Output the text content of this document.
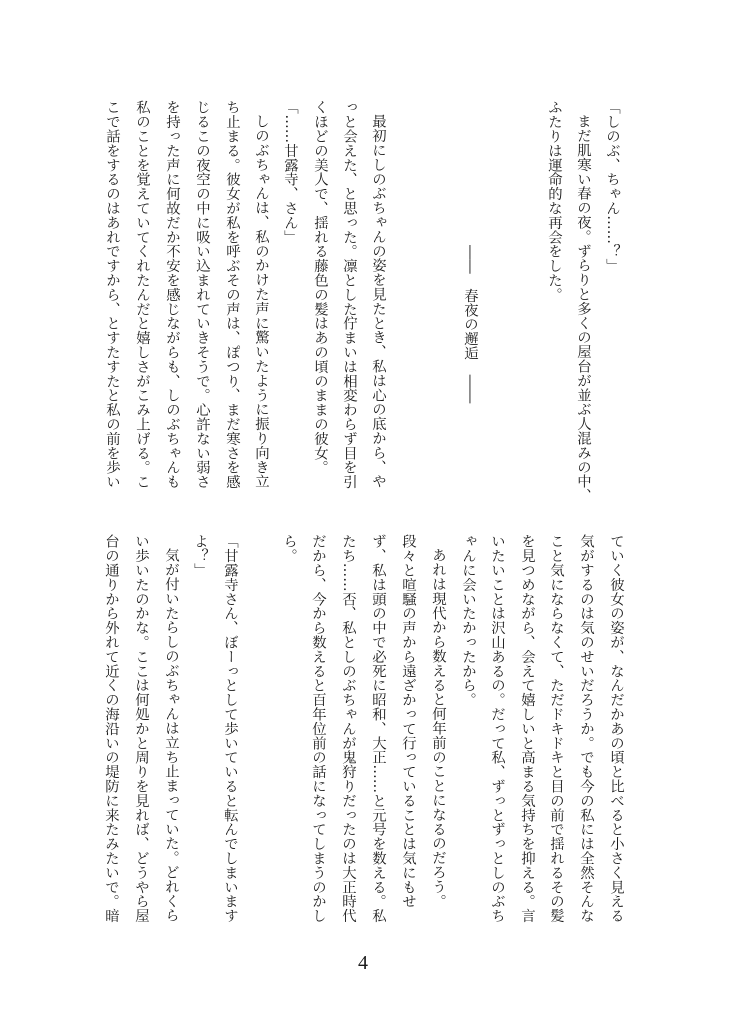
「しのぶ、ちゃん……？」
まだ肌寒い春の夜。ずらりと多くの屋台が並ぶ人混みの中、
ふたりは運命的な再会をした。
――　春夜の邂逅　――
最初にしのぶちゃんの姿を見たとき、私は心の底から、や
っと会えた、と思った。凛とした佇まいは相変わらず目を引
くほどの美人で、揺れる藤色の髪はあの頃のままの彼女。
「……甘露寺、さん」
しのぶちゃんは、私のかけた声に驚いたように振り向き立
ち止まる。彼女が私を呼ぶその声は、ぽつり、まだ寒さを感
じるこの夜空の中に吸い込まれていきそうで。心許ない弱さ
を持った声に何故だか不安を感じながらも、しのぶちゃんも
私のことを覚えていてくれたんだと嬉しさがこみ上げる。こ
こで話をするのはあれですから、とすたすたと私の前を歩い
ていく彼女の姿が、なんだかあの頃と比べると小さく見える
気がするのは気のせいだろうか。でも今の私には全然そんな
こと気にならなくて、ただドキドキと目の前で揺れるその髪
を見つめながら、会えて嬉しいと高まる気持ちを抑える。言
いたいことは沢山あるの。だって私、ずっとずっとしのぶち
ゃんに会いたかったから。
あれは現代から数えると何年前のことになるのだろう。
段々と喧騒の声から遠ざかって行っていることは気にもせ
ず、私は頭の中で必死に昭和、大正……と元号を数える。私
たち……否、私としのぶちゃんが鬼狩りだったのは大正時代
だから、今から数えると百年位前の話になってしまうのかし
ら。
「甘露寺さん、ぼーっとして歩いていると転んでしまいます
よ？」
気が付いたらしのぶちゃんは立ち止まっていた。どれくら
い歩いたのかな。ここは何処かと周りを見れば、どうやら屋
台の通りから外れて近くの海沿いの堤防に来たみたいで。暗
4
